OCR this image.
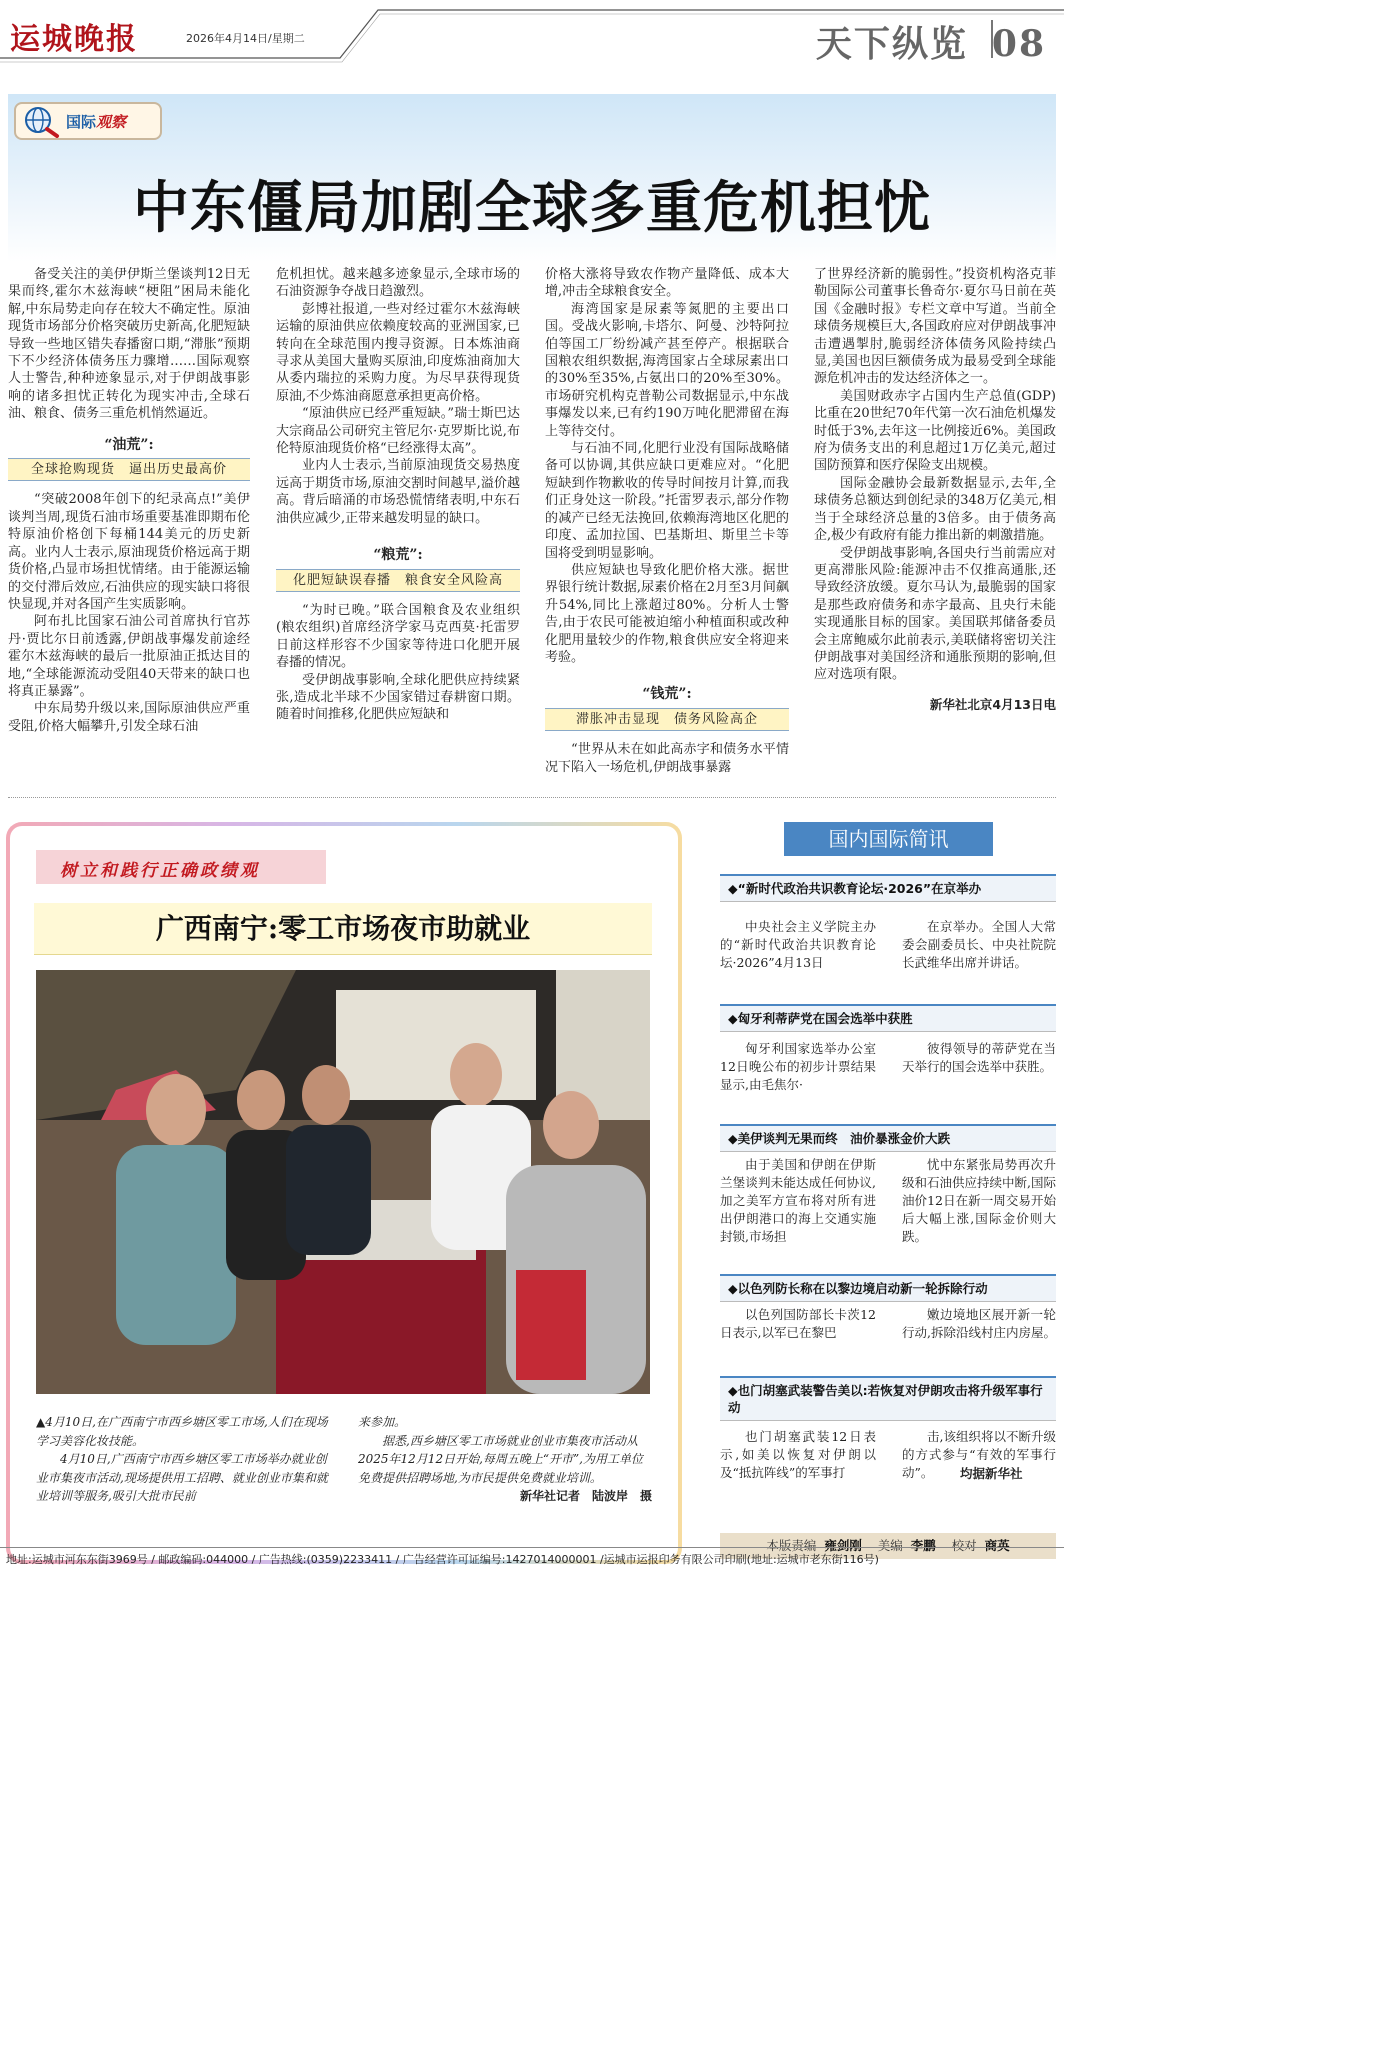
运城晚报	2026年4月14日/星期二	天下纵览 08
国际观察
中东僵局加剧全球多重危机担忧

备受关注的美伊伊斯兰堡谈判12日无果而终,霍尔木兹海峡“梗阻”困局未能化解,中东局势走向存在较大不确定性。原油现货市场部分价格突破历史新高,化肥短缺导致一些地区错失春播窗口期,“滞胀”预期下不少经济体债务压力骤增……国际观察人士警告,种种迹象显示,对于伊朗战事影响的诸多担忧正转化为现实冲击,全球石油、粮食、债务三重危机悄然逼近。

“油荒”:
全球抢购现货　逼出历史最高价

“突破2008年创下的纪录高点!”美伊谈判当周,现货石油市场重要基准即期布伦特原油价格创下每桶144美元的历史新高。业内人士表示,原油现货价格远高于期货价格,凸显市场担忧情绪。由于能源运输的交付滞后效应,石油供应的现实缺口将很快显现,并对各国产生实质影响。

阿布扎比国家石油公司首席执行官苏丹·贾比尔日前透露,伊朗战事爆发前途经霍尔木兹海峡的最后一批原油正抵达目的地,“全球能源流动受阻40天带来的缺口也将真正暴露”。

中东局势升级以来,国际原油供应严重受阻,价格大幅攀升,引发全球石油

危机担忧。越来越多迹象显示,全球市场的石油资源争夺战日趋激烈。

彭博社报道,一些对经过霍尔木兹海峡运输的原油供应依赖度较高的亚洲国家,已转向在全球范围内搜寻资源。日本炼油商寻求从美国大量购买原油,印度炼油商加大从委内瑞拉的采购力度。为尽早获得现货原油,不少炼油商愿意承担更高价格。

“原油供应已经严重短缺。”瑞士斯巴达大宗商品公司研究主管尼尔·克罗斯比说,布伦特原油现货价格“已经涨得太高”。

业内人士表示,当前原油现货交易热度远高于期货市场,原油交割时间越早,溢价越高。背后暗涌的市场恐慌情绪表明,中东石油供应减少,正带来越发明显的缺口。

“粮荒”:
化肥短缺误春播　粮食安全风险高

“为时已晚。”联合国粮食及农业组织(粮农组织)首席经济学家马克西莫·托雷罗日前这样形容不少国家等待进口化肥开展春播的情况。

受伊朗战事影响,全球化肥供应持续紧张,造成北半球不少国家错过春耕窗口期。随着时间推移,化肥供应短缺和

价格大涨将导致农作物产量降低、成本大增,冲击全球粮食安全。

海湾国家是尿素等氮肥的主要出口国。受战火影响,卡塔尔、阿曼、沙特阿拉伯等国工厂纷纷减产甚至停产。根据联合国粮农组织数据,海湾国家占全球尿素出口的30%至35%,占氨出口的20%至30%。市场研究机构克普勒公司数据显示,中东战事爆发以来,已有约190万吨化肥滞留在海上等待交付。

与石油不同,化肥行业没有国际战略储备可以协调,其供应缺口更难应对。“化肥短缺到作物歉收的传导时间按月计算,而我们正身处这一阶段。”托雷罗表示,部分作物的减产已经无法挽回,依赖海湾地区化肥的印度、孟加拉国、巴基斯坦、斯里兰卡等国将受到明显影响。

供应短缺也导致化肥价格大涨。据世界银行统计数据,尿素价格在2月至3月间飙升54%,同比上涨超过80%。分析人士警告,由于农民可能被迫缩小种植面积或改种化肥用量较少的作物,粮食供应安全将迎来考验。

“钱荒”:
滞胀冲击显现　债务风险高企

“世界从未在如此高赤字和债务水平情况下陷入一场危机,伊朗战事暴露

了世界经济新的脆弱性。”投资机构洛克菲勒国际公司董事长鲁奇尔·夏尔马日前在英国《金融时报》专栏文章中写道。当前全球债务规模巨大,各国政府应对伊朗战事冲击遭遇掣肘,脆弱经济体债务风险持续凸显,美国也因巨额债务成为最易受到全球能源危机冲击的发达经济体之一。

美国财政赤字占国内生产总值(GDP)比重在20世纪70年代第一次石油危机爆发时低于3%,去年这一比例接近6%。美国政府为债务支出的利息超过1万亿美元,超过国防预算和医疗保险支出规模。

国际金融协会最新数据显示,去年,全球债务总额达到创纪录的348万亿美元,相当于全球经济总量的3倍多。由于债务高企,极少有政府有能力推出新的刺激措施。

受伊朗战事影响,各国央行当前需应对更高滞胀风险:能源冲击不仅推高通胀,还导致经济放缓。夏尔马认为,最脆弱的国家是那些政府债务和赤字最高、且央行未能实现通胀目标的国家。美国联邦储备委员会主席鲍威尔此前表示,美联储将密切关注伊朗战事对美国经济和通胀预期的影响,但应对选项有限。

新华社北京4月13日电
树立和践行正确政绩观
广西南宁:零工市场夜市助就业

▲4月10日,在广西南宁市西乡塘区零工市场,人们在现场学习美容化妆技能。

4月10日,广西南宁市西乡塘区零工市场举办就业创业市集夜市活动,现场提供用工招聘、就业创业市集和就业培训等服务,吸引大批市民前

来参加。

据悉,西乡塘区零工市场就业创业市集夜市活动从2025年12月12日开始,每周五晚上“开市”,为用工单位免费提供招聘场地,为市民提供免费就业培训。

新华社记者　陆波岸　摄

国内国际简讯
◆“新时代政治共识教育论坛·2026”在京举办

中央社会主义学院主办的“新时代政治共识教育论坛·2026”4月13日

在京举办。全国人大常委会副委员长、中央社院院长武维华出席并讲话。

◆匈牙利蒂萨党在国会选举中获胜

匈牙利国家选举办公室12日晚公布的初步计票结果显示,由毛焦尔·

彼得领导的蒂萨党在当天举行的国会选举中获胜。

◆美伊谈判无果而终　油价暴涨金价大跌

由于美国和伊朗在伊斯兰堡谈判未能达成任何协议,加之美军方宣布将对所有进出伊朗港口的海上交通实施封锁,市场担

忧中东紧张局势再次升级和石油供应持续中断,国际油价12日在新一周交易开始后大幅上涨,国际金价则大跌。

◆以色列防长称在以黎边境启动新一轮拆除行动

以色列国防部长卡茨12日表示,以军已在黎巴

嫩边境地区展开新一轮行动,拆除沿线村庄内房屋。

◆也门胡塞武装警告美以:若恢复对伊朗攻击将升级军事行动

也门胡塞武装12日表示,如美以恢复对伊朗以及“抵抗阵线”的军事打

击,该组织将以不断升级的方式参与“有效的军事行动”。	均据新华社
本版责编 雍剑刚 美编 李鹏 校对 商英
地址:运城市河东东街3969号 / 邮政编码:044000 / 广告热线:(0359)2233411 / 广告经营许可证编号:1427014000001 /运城市运报印务有限公司印刷(地址:运城市老东街116号)
